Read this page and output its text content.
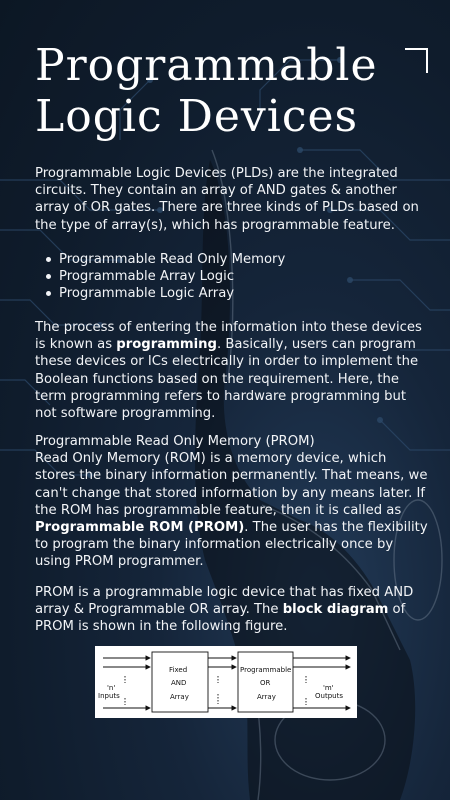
Programmable
Logic Devices

Programmable Logic Devices (PLDs) are the integrated circuits. They contain an array of AND gates & another array of OR gates. There are three kinds of PLDs based on the type of array(s), which has programmable feature.

Programmable Read Only Memory
Programmable Array Logic
Programmable Logic Array

The process of entering the information into these devices is known as programming. Basically, users can program these devices or ICs electrically in order to implement the Boolean functions based on the requirement. Here, the term programming refers to hardware programming but not software programming.

Programmable Read Only Memory (PROM)
Read Only Memory (ROM) is a memory device, which stores the binary information permanently. That means, we can't change that stored information by any means later. If the ROM has programmable feature, then it is called as Programmable ROM (PROM). The user has the flexibility to program the binary information electrically once by using PROM programmer.

PROM is a programmable logic device that has fixed AND array & Programmable OR array. The block diagram of PROM is shown in the following figure.

'n'
Inputs
Fixed
AND
Array
Programmable
OR
Array
'm'
Outputs
